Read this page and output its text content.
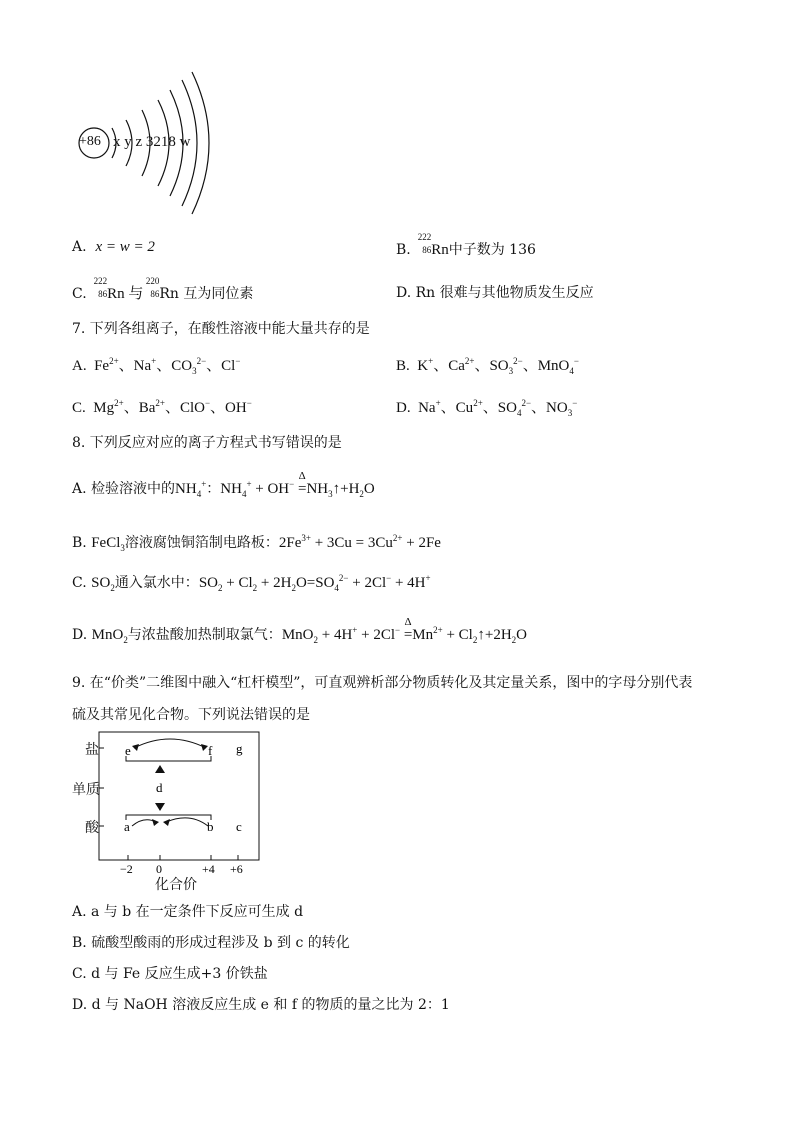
+86 x y z 3218 w
A. x = w = 2	B.
222
86 Rn中子数为 136
C.
222
86 Rn 与
220
86 Rn 互为同位素	D. Rn 很难与其他物质发生反应
7. 下列各组离子，在酸性溶液中能大量共存的是
A.  $Fe^{2+}$、Na+、$CO_3^{2-}$、Cl−	B.  K+、$Ca^{2+}$、$SO_3^{2-}$、MnO$_4$−
C.  $Mg^{2+}$、$Ba^{2+}$、ClO−、OH−	D.  Na+、$Cu^{2+}$、$SO_4^{2-}$、$NO_3^-$
8. 下列反应对应的离子方程式书写错误的是
A. 检验溶液中的$NH_4^+$：$NH_4^+ + OH^-$
Δ
$=NH_3↑+H_2O$
B. FeCl$_3$溶液腐蚀铜箔制电路板：$2Fe^{3+} + 3Cu = 3Cu^{2+} + 2Fe$
C. $SO_2$通入氯水中：$SO_2 + Cl_2 + 2H_2O=SO_4^{2-} + 2Cl^- + 4H^+$
D. MnO$_2$与浓盐酸加热制取氯气：MnO$_2$ + 4H+ + 2Cl−
Δ
$=Mn^{2+}$ + $Cl_2↑+2H_2O$
9. 在“价类”二维图中融入“杠杆模型”，可直观辨析部分物质转化及其定量关系，图中的字母分别代表
硫及其常见化合物。下列说法错误的是
e	f g
d
a	b c
−2 0	+4 +6
盐
单质
酸
化合价
A. a 与 b 在一定条件下反应可生成 d
B. 硫酸型酸雨的形成过程涉及 b 到 c 的转化
C. d 与 Fe 反应生成+3 价铁盐
D. d 与 NaOH 溶液反应生成 e 和 f 的物质的量之比为 2：1
